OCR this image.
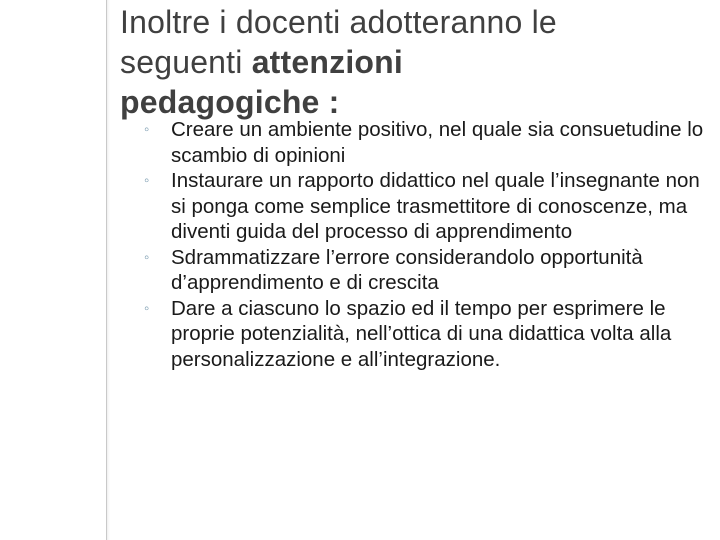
Inoltre i docenti adotteranno le
seguenti attenzioni
pedagogiche :
◦	Creare un ambiente positivo, nel quale sia consuetudine lo scambio di opinioni
◦	Instaurare un rapporto didattico nel quale l’insegnante non si ponga come semplice trasmettitore di conoscenze, ma diventi guida del processo di apprendimento
◦	Sdrammatizzare l’errore considerandolo opportunità d’apprendimento e di crescita
◦	Dare a ciascuno lo spazio ed il tempo per esprimere le proprie potenzialità, nell’ottica di una didattica volta alla personalizzazione e all’integrazione.
